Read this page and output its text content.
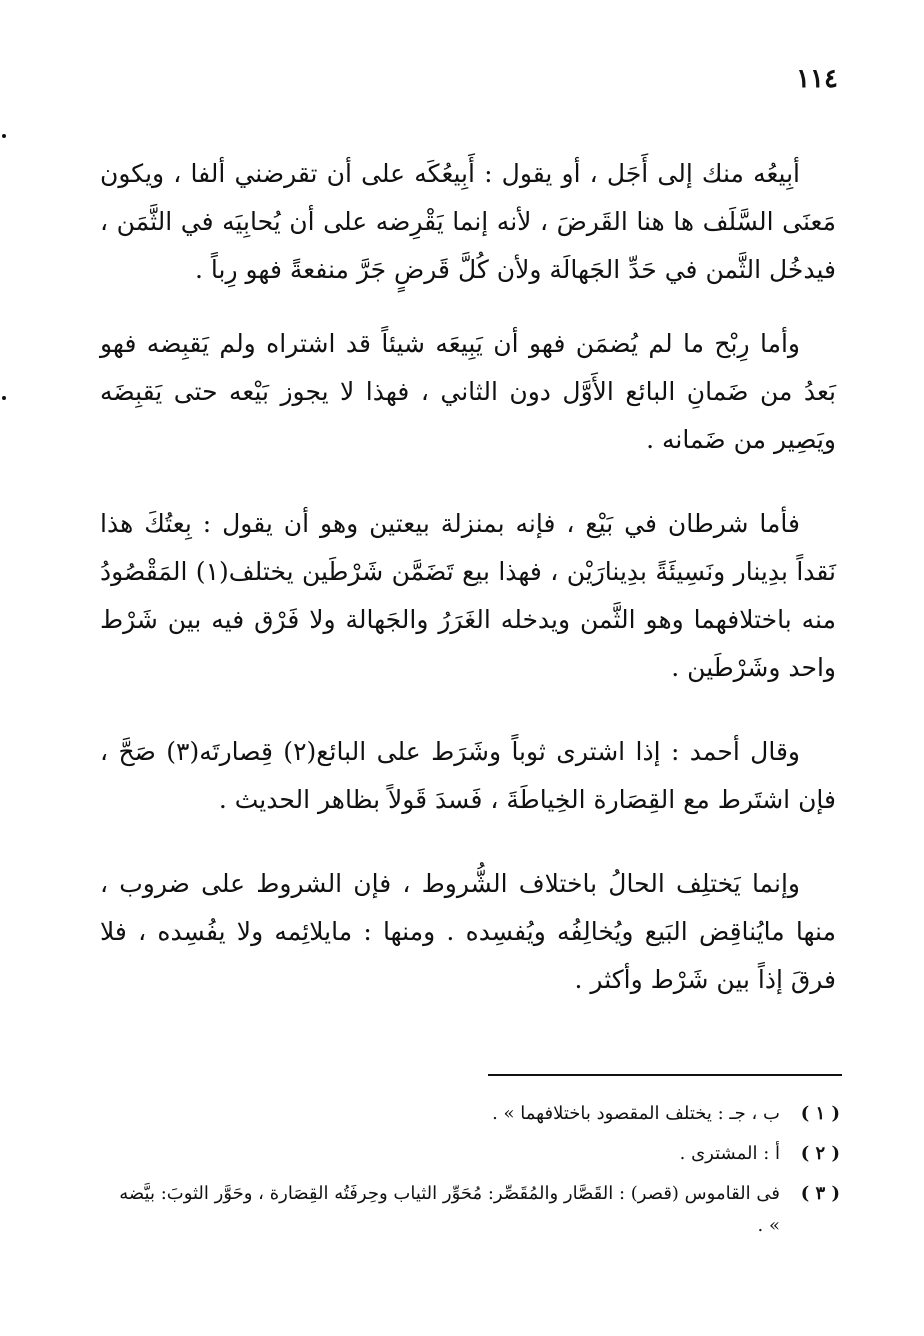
١١٤

أبِيعُه منك إلى أَجَل ، أو يقول : أَبِيعُكَه على أن تقرضني ألفا ، ويكون مَعنَى السَّلَف ها هنا القَرضَ ، لأنه إنما يَقْرِضه على أن يُحابِيَه في الثَّمَن ، فيدخُل الثَّمن في حَدِّ الجَهالَة ولأن كُلَّ قَرضٍ جَرَّ منفعةً فهو رِباً .

وأما رِبْح ما لم يُضمَن فهو أن يَبِيعَه شيئاً قد اشتراه ولم يَقبِضه فهو بَعدُ من ضَمانِ البائع الأَوَّل دون الثاني ، فهذا لا يجوز بَيْعه حتى يَقبِضَه ويَصِير من ضَمانه .

فأما شرطان في بَيْع ، فإنه بمنزلة بيعتين وهو أن يقول : بِعتُكَ هذا نَقداً بدِينار ونَسِيئَةً بدِينارَيْن ، فهذا بيع تَضَمَّن شَرْطَين يختلف(١) المَقْصُودُ منه باختلافهما وهو الثَّمن ويدخله الغَرَرُ والجَهالة ولا فَرْق فيه بين شَرْط واحد وشَرْطَين .

وقال أحمد : إذا اشترى ثوباً وشَرَط على البائع(٢) قِصارتَه(٣) صَحَّ ، فإن اشتَرط مع القِصَارة الخِياطَةَ ، فَسدَ قَولاً بظاهر الحديث .

وإنما يَختلِف الحالُ باختلاف الشُّروط ، فإن الشروط على ضروب ، منها مايُناقِض البَيع ويُخالِفُه ويُفسِده . ومنها : مايلائِمه ولا يفُسِده ، فلا فرقَ إذاً بين شَرْط وأكثر .

( ١ )
ب ، جـ : يختلف المقصود باختلافهما » .
( ٢ )
أ : المشترى .
( ٣ )
فى القاموس (قصر) : القَصَّار والمُقَصِّر: مُحَوِّر الثياب وحِرفَتُه القِصَارة ، وحَوَّر الثوبَ: بيَّضه » .
